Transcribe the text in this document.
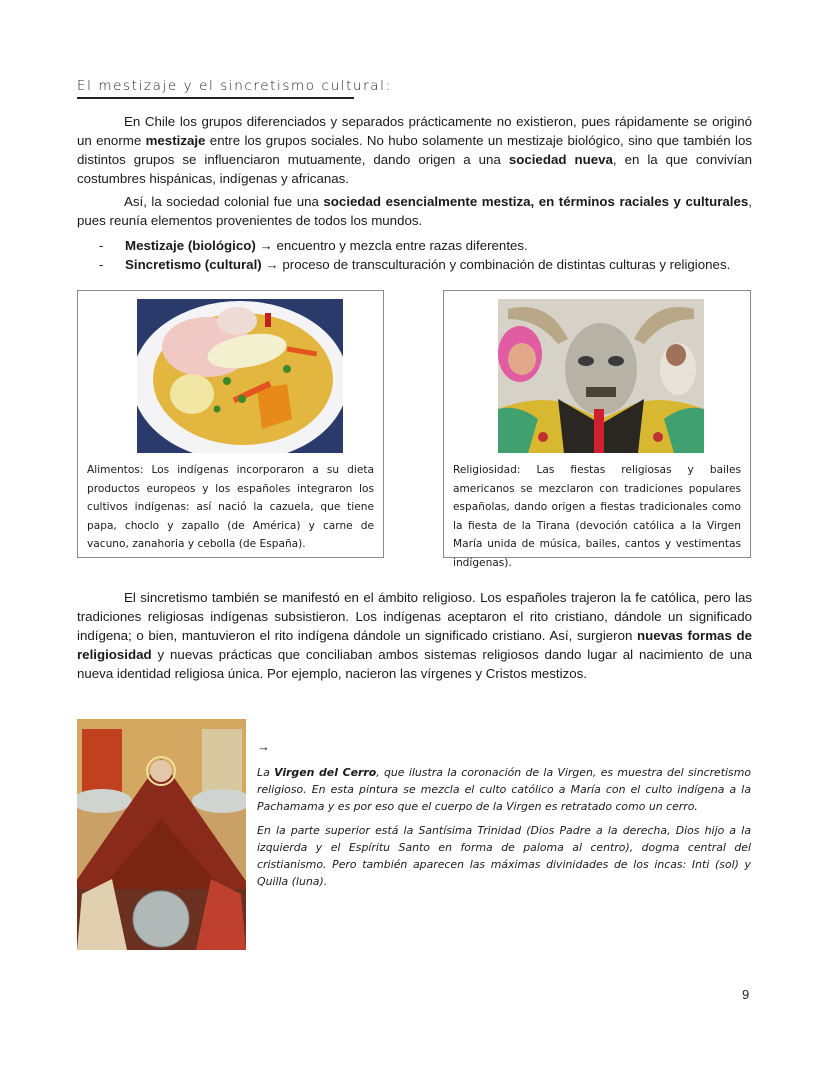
El mestizaje y el sincretismo cultural:

En Chile los grupos diferenciados y separados prácticamente no existieron, pues rápidamente se originó un enorme mestizaje entre los grupos sociales. No hubo solamente un mestizaje biológico, sino que también los distintos grupos se influenciaron mutuamente, dando origen a una sociedad nueva, en la que convivían costumbres hispánicas, indígenas y africanas.

Así, la sociedad colonial fue una sociedad esencialmente mestiza, en términos raciales y culturales, pues reunía elementos provenientes de todos los mundos.

-	Mestizaje (biológico) → encuentro y mezcla entre razas diferentes.
-	Sincretismo (cultural) → proceso de transculturación y combinación de distintas culturas y religiones.
Alimentos: Los indígenas incorporaron a su dieta productos europeos y los españoles integraron los cultivos indígenas: así nació la cazuela, que tiene papa, choclo y zapallo (de América) y carne de vacuno, zanahoria y cebolla (de España).
Religiosidad: Las fiestas religiosas y bailes americanos se mezclaron con tradiciones populares españolas, dando origen a fiestas tradicionales como la fiesta de la Tirana (devoción católica a la Virgen María unida de música, bailes, cantos y vestimentas indígenas).

El sincretismo también se manifestó en el ámbito religioso. Los españoles trajeron la fe católica, pero las tradiciones religiosas indígenas subsistieron. Los indígenas aceptaron el rito cristiano, dándole un significado indígena; o bien, mantuvieron el rito indígena dándole un significado cristiano. Así, surgieron nuevas formas de religiosidad y nuevas prácticas que conciliaban ambos sistemas religiosos dando lugar al nacimiento de una nueva identidad religiosa única. Por ejemplo, nacieron las vírgenes y Cristos mestizos.

→

La Virgen del Cerro, que ilustra la coronación de la Virgen, es muestra del sincretismo religioso. En esta pintura se mezcla el culto católico a María con el culto indígena a la Pachamama y es por eso que el cuerpo de la Virgen es retratado como un cerro.

En la parte superior está la Santísima Trinidad (Dios Padre a la derecha, Dios hijo a la izquierda y el Espíritu Santo en forma de paloma al centro), dogma central del cristianismo. Pero también aparecen las máximas divinidades de los incas: Inti (sol) y Quilla (luna).

9
